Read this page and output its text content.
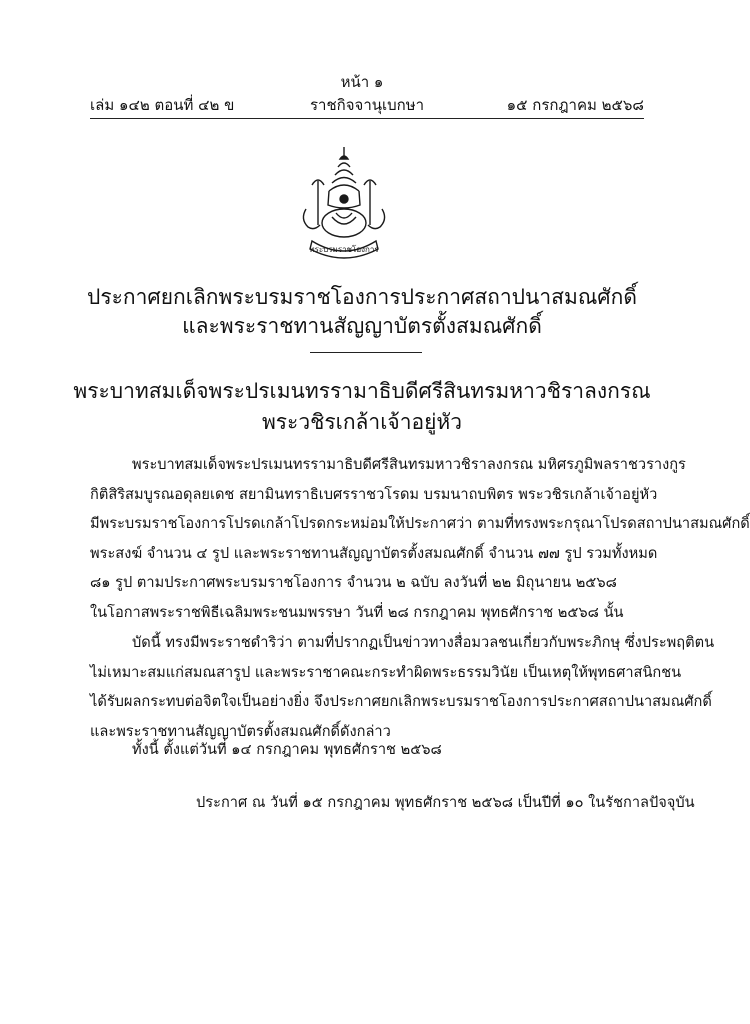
หน้า ๑
เล่ม ๑๔๒ ตอนที่ ๔๒ ข	ราชกิจจานุเบกษา	๑๕ กรกฎาคม ๒๕๖๘
พระบรมราชโองการ
ประกาศยกเลิกพระบรมราชโองการประกาศสถาปนาสมณศักดิ์
และพระราชทานสัญญาบัตรตั้งสมณศักดิ์
พระบาทสมเด็จพระปรเมนทรรามาธิบดีศรีสินทรมหาวชิราลงกรณ
พระวชิรเกล้าเจ้าอยู่หัว
พระบาทสมเด็จพระปรเมนทรรามาธิบดีศรีสินทรมหาวชิราลงกรณ มหิศรภูมิพลราชวรางกูร
กิติสิริสมบูรณอดุลยเดช สยามินทราธิเบศรราชวโรดม บรมนาถบพิตร พระวชิรเกล้าเจ้าอยู่หัว
มีพระบรมราชโองการโปรดเกล้าโปรดกระหม่อมให้ประกาศว่า ตามที่ทรงพระกรุณาโปรดสถาปนาสมณศักดิ์
พระสงฆ์ จำนวน ๔ รูป และพระราชทานสัญญาบัตรตั้งสมณศักดิ์ จำนวน ๗๗ รูป รวมทั้งหมด
๘๑ รูป ตามประกาศพระบรมราชโองการ จำนวน ๒ ฉบับ ลงวันที่ ๒๒ มิถุนายน ๒๕๖๘
ในโอกาสพระราชพิธีเฉลิมพระชนมพรรษา วันที่ ๒๘ กรกฎาคม พุทธศักราช ๒๕๖๘ นั้น
บัดนี้ ทรงมีพระราชดำริว่า ตามที่ปรากฏเป็นข่าวทางสื่อมวลชนเกี่ยวกับพระภิกษุ ซึ่งประพฤติตน
ไม่เหมาะสมแก่สมณสารูป และพระราชาคณะกระทำผิดพระธรรมวินัย เป็นเหตุให้พุทธศาสนิกชน
ได้รับผลกระทบต่อจิตใจเป็นอย่างยิ่ง จึงประกาศยกเลิกพระบรมราชโองการประกาศสถาปนาสมณศักดิ์
และพระราชทานสัญญาบัตรตั้งสมณศักดิ์ดังกล่าว
ทั้งนี้ ตั้งแต่วันที่ ๑๔ กรกฎาคม พุทธศักราช ๒๕๖๘
ประกาศ ณ วันที่ ๑๕ กรกฎาคม พุทธศักราช ๒๕๖๘ เป็นปีที่ ๑๐ ในรัชกาลปัจจุบัน
